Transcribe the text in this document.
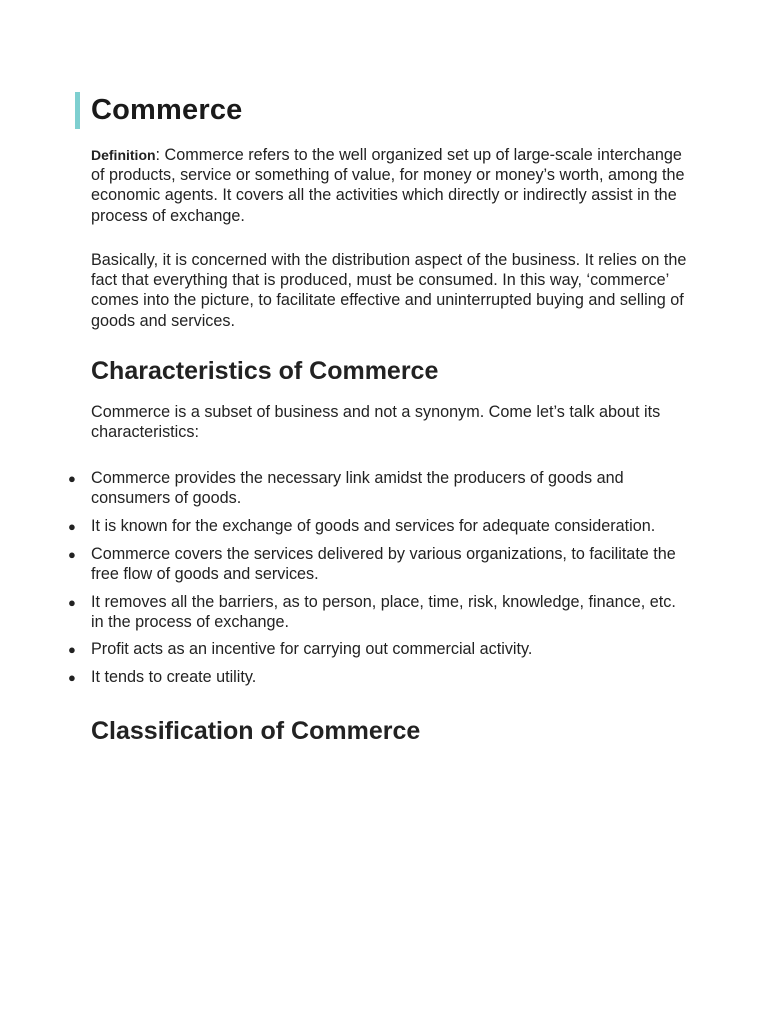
Commerce

Definition: Commerce refers to the well organized set up of large-scale interchange of products, service or something of value, for money or money’s worth, among the economic agents. It covers all the activities which directly or indirectly assist in the process of exchange.

Basically, it is concerned with the distribution aspect of the business. It relies on the fact that everything that is produced, must be consumed. In this way, ‘commerce’ comes into the picture, to facilitate effective and uninterrupted buying and selling of goods and services.

Characteristics of Commerce

Commerce is a subset of business and not a synonym. Come let’s talk about its characteristics:

● Commerce provides the necessary link amidst the producers of goods and consumers of goods.
● It is known for the exchange of goods and services for adequate consideration.
● Commerce covers the services delivered by various organizations, to facilitate the free flow of goods and services.
● It removes all the barriers, as to person, place, time, risk, knowledge, finance, etc. in the process of exchange.
● Profit acts as an incentive for carrying out commercial activity.
● It tends to create utility.
Classification of Commerce
